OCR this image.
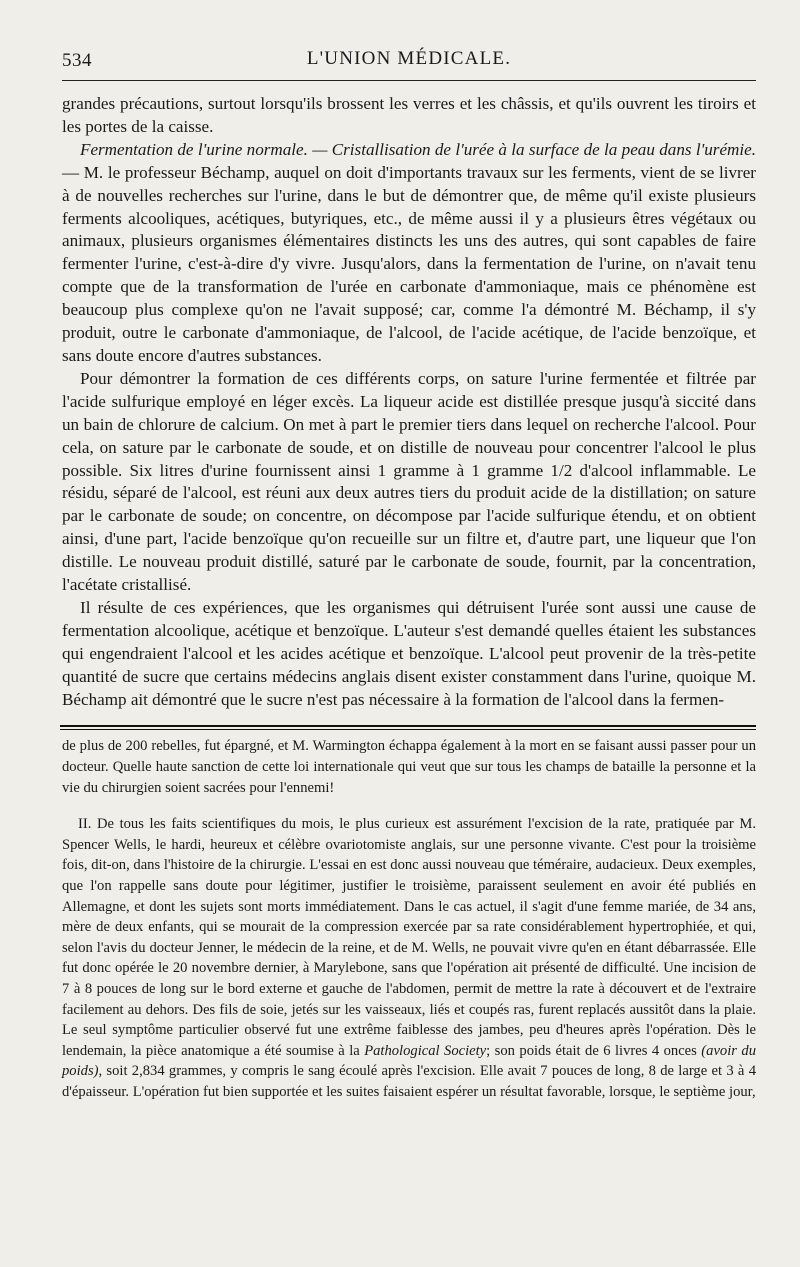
534	L'UNION MÉDICALE.

grandes précautions, surtout lorsqu'ils brossent les verres et les châssis, et qu'ils ouvrent les tiroirs et les portes de la caisse.

Fermentation de l'urine normale. — Cristallisation de l'urée à la surface de la peau dans l'urémie. — M. le professeur Béchamp, auquel on doit d'importants travaux sur les ferments, vient de se livrer à de nouvelles recherches sur l'urine, dans le but de démontrer que, de même qu'il existe plusieurs ferments alcooliques, acétiques, butyriques, etc., de même aussi il y a plusieurs êtres végétaux ou animaux, plusieurs organismes élémentaires distincts les uns des autres, qui sont capables de faire fermenter l'urine, c'est-à-dire d'y vivre. Jusqu'alors, dans la fermentation de l'urine, on n'avait tenu compte que de la transformation de l'urée en carbonate d'ammoniaque, mais ce phénomène est beaucoup plus complexe qu'on ne l'avait supposé; car, comme l'a démontré M. Béchamp, il s'y produit, outre le carbonate d'ammoniaque, de l'alcool, de l'acide acétique, de l'acide benzoïque, et sans doute encore d'autres substances.

Pour démontrer la formation de ces différents corps, on sature l'urine fermentée et filtrée par l'acide sulfurique employé en léger excès. La liqueur acide est distillée presque jusqu'à siccité dans un bain de chlorure de calcium. On met à part le premier tiers dans lequel on recherche l'alcool. Pour cela, on sature par le carbonate de soude, et on distille de nouveau pour concentrer l'alcool le plus possible. Six litres d'urine fournissent ainsi 1 gramme à 1 gramme 1/2 d'alcool inflammable. Le résidu, séparé de l'alcool, est réuni aux deux autres tiers du produit acide de la distillation; on sature par le carbonate de soude; on concentre, on décompose par l'acide sulfurique étendu, et on obtient ainsi, d'une part, l'acide benzoïque qu'on recueille sur un filtre et, d'autre part, une liqueur que l'on distille. Le nouveau produit distillé, saturé par le carbonate de soude, fournit, par la concentration, l'acétate cristallisé.

Il résulte de ces expériences, que les organismes qui détruisent l'urée sont aussi une cause de fermentation alcoolique, acétique et benzoïque. L'auteur s'est demandé quelles étaient les substances qui engendraient l'alcool et les acides acétique et benzoïque. L'alcool peut provenir de la très-petite quantité de sucre que certains médecins anglais disent exister constamment dans l'urine, quoique M. Béchamp ait démontré que le sucre n'est pas nécessaire à la formation de l'alcool dans la fermen-

de plus de 200 rebelles, fut épargné, et M. Warmington échappa également à la mort en se faisant aussi passer pour un docteur. Quelle haute sanction de cette loi internationale qui veut que sur tous les champs de bataille la personne et la vie du chirurgien soient sacrées pour l'ennemi!

II. De tous les faits scientifiques du mois, le plus curieux est assurément l'excision de la rate, pratiquée par M. Spencer Wells, le hardi, heureux et célèbre ovariotomiste anglais, sur une personne vivante. C'est pour la troisième fois, dit-on, dans l'histoire de la chirurgie. L'essai en est donc aussi nouveau que téméraire, audacieux. Deux exemples, que l'on rappelle sans doute pour légitimer, justifier le troisième, paraissent seulement en avoir été publiés en Allemagne, et dont les sujets sont morts immédiatement. Dans le cas actuel, il s'agit d'une femme mariée, de 34 ans, mère de deux enfants, qui se mourait de la compression exercée par sa rate considérablement hypertrophiée, et qui, selon l'avis du docteur Jenner, le médecin de la reine, et de M. Wells, ne pouvait vivre qu'en en étant débarrassée. Elle fut donc opérée le 20 novembre dernier, à Marylebone, sans que l'opération ait présenté de difficulté. Une incision de 7 à 8 pouces de long sur le bord externe et gauche de l'abdomen, permit de mettre la rate à découvert et de l'extraire facilement au dehors. Des fils de soie, jetés sur les vaisseaux, liés et coupés ras, furent replacés aussitôt dans la plaie. Le seul symptôme particulier observé fut une extrême faiblesse des jambes, peu d'heures après l'opération. Dès le lendemain, la pièce anatomique a été soumise à la Pathological Society; son poids était de 6 livres 4 onces (avoir du poids), soit 2,834 grammes, y compris le sang écoulé après l'excision. Elle avait 7 pouces de long, 8 de large et 3 à 4 d'épaisseur. L'opération fut bien supportée et les suites faisaient espérer un résultat favorable, lorsque, le septième jour,
